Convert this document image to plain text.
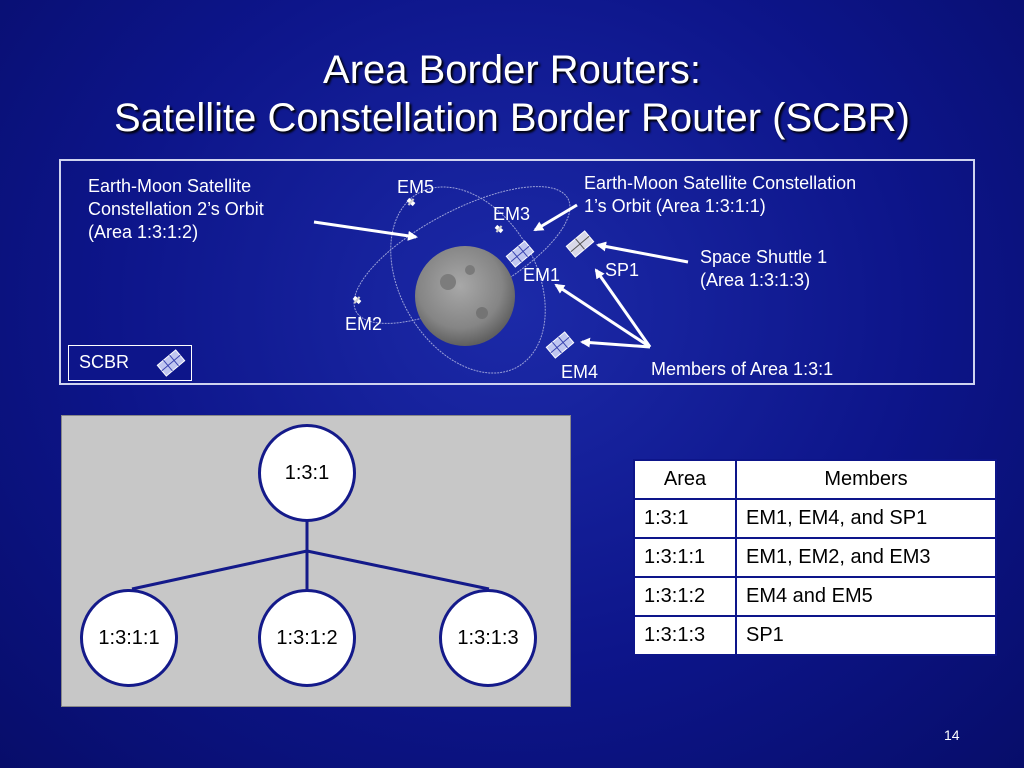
Area Border Routers:
Satellite Constellation Border Router (SCBR)
Earth-Moon Satellite
Constellation 2’s Orbit
(Area 1:3:1:2)
Earth-Moon Satellite Constellation
1’s Orbit (Area 1:3:1:1)
Space Shuttle 1
(Area 1:3:1:3)
Members of Area 1:3:1
EM5
EM3
EM1 SP1
EM2
EM4
SCBR
1:3:1
1:3:1:1	1:3:1:2	1:3:1:3
Area	Members
1:3:1	EM1, EM4, and SP1
1:3:1:1	EM1, EM2, and EM3
1:3:1:2	EM4 and EM5
1:3:1:3	SP1
14
